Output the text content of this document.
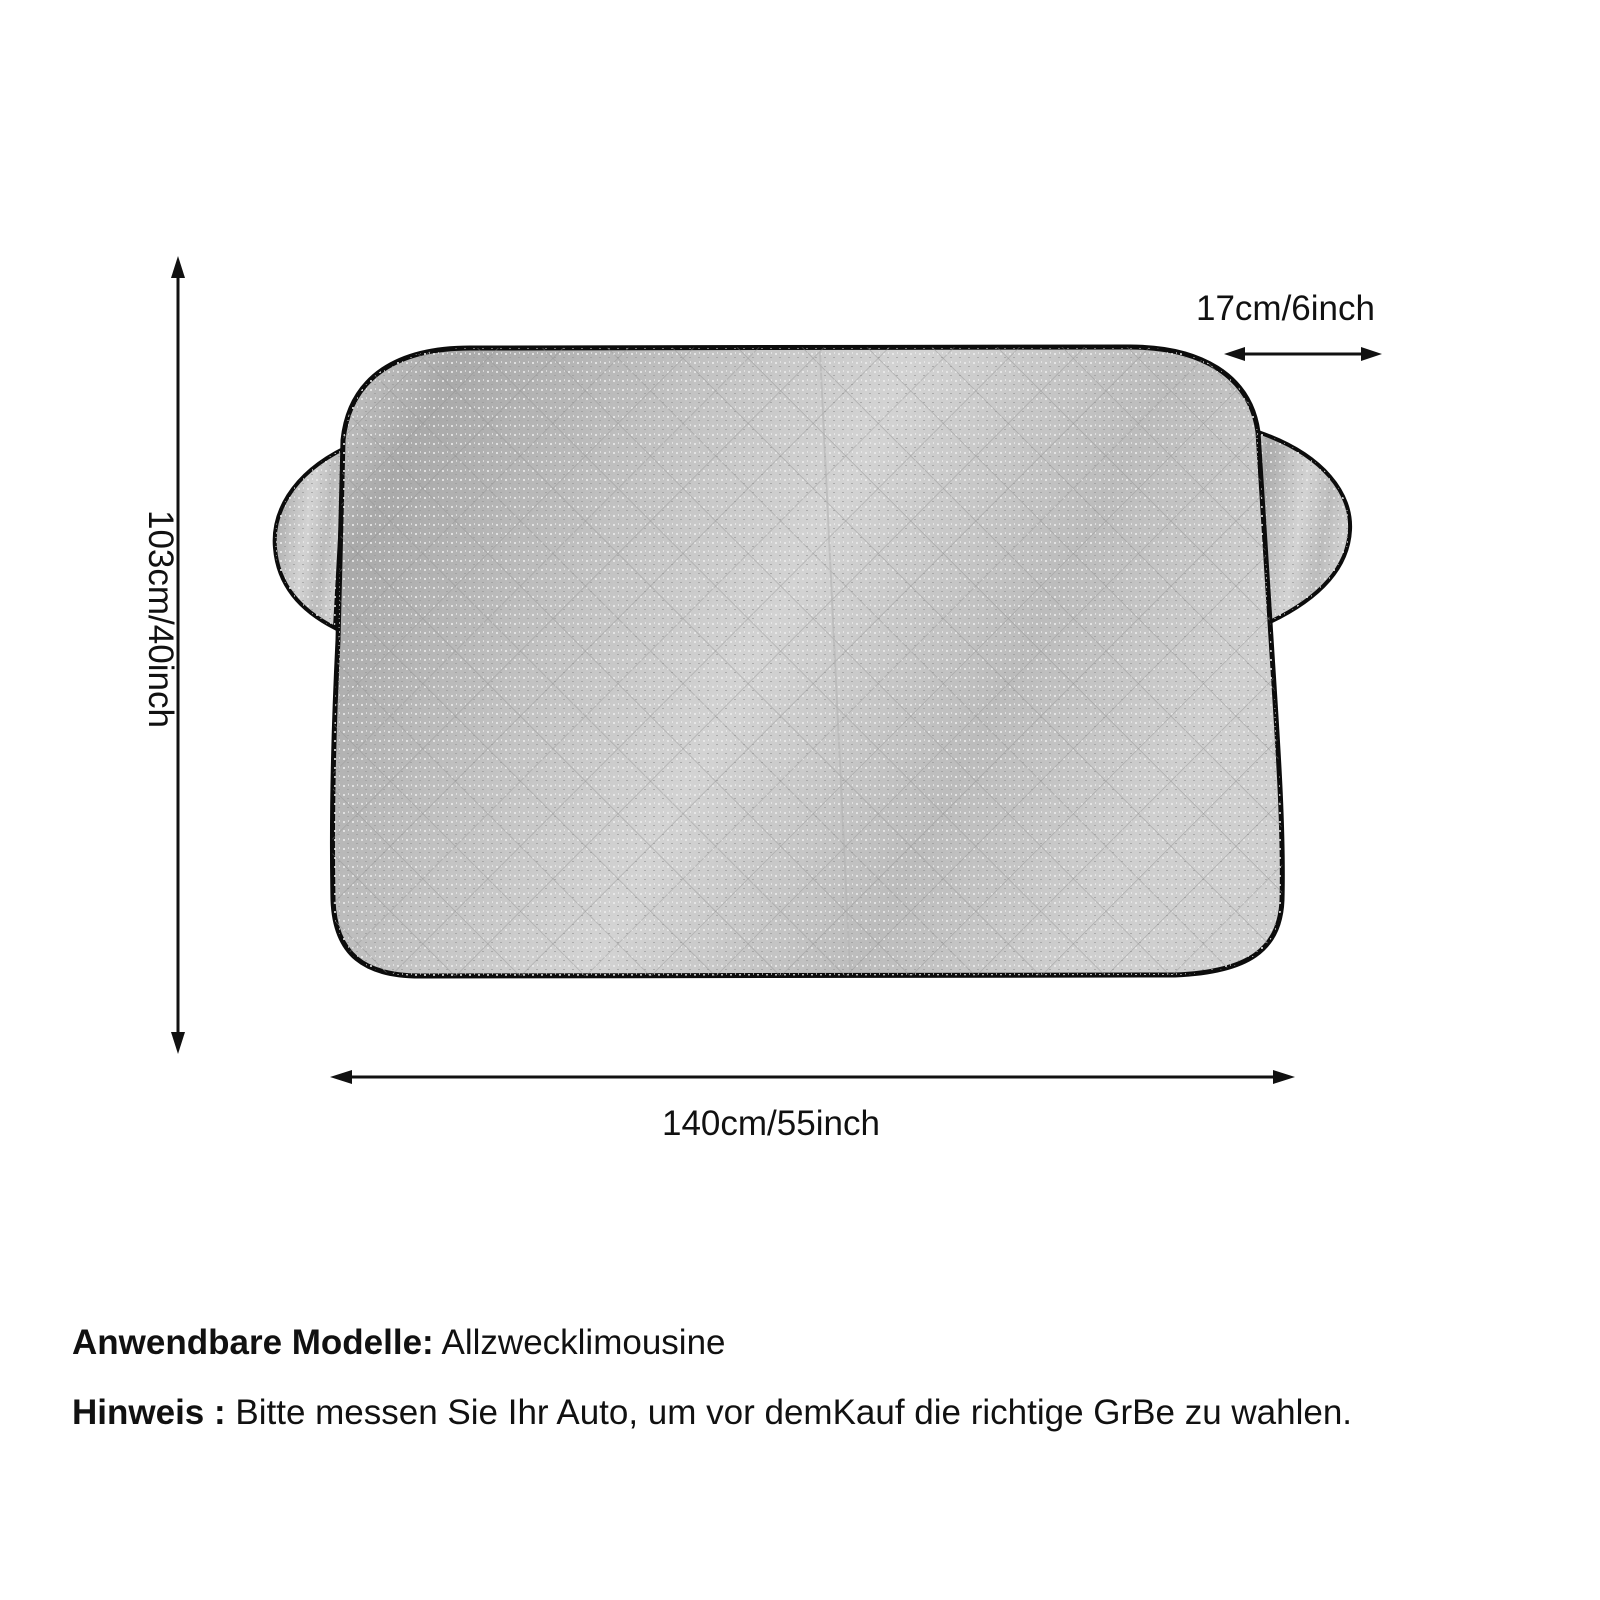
103cm/40inch
140cm/55inch
17cm/6inch
Anwendbare Modelle: Allzwecklimousine
Hinweis : Bitte messen Sie Ihr Auto, um vor demKauf die richtige GrBe zu wahlen.
